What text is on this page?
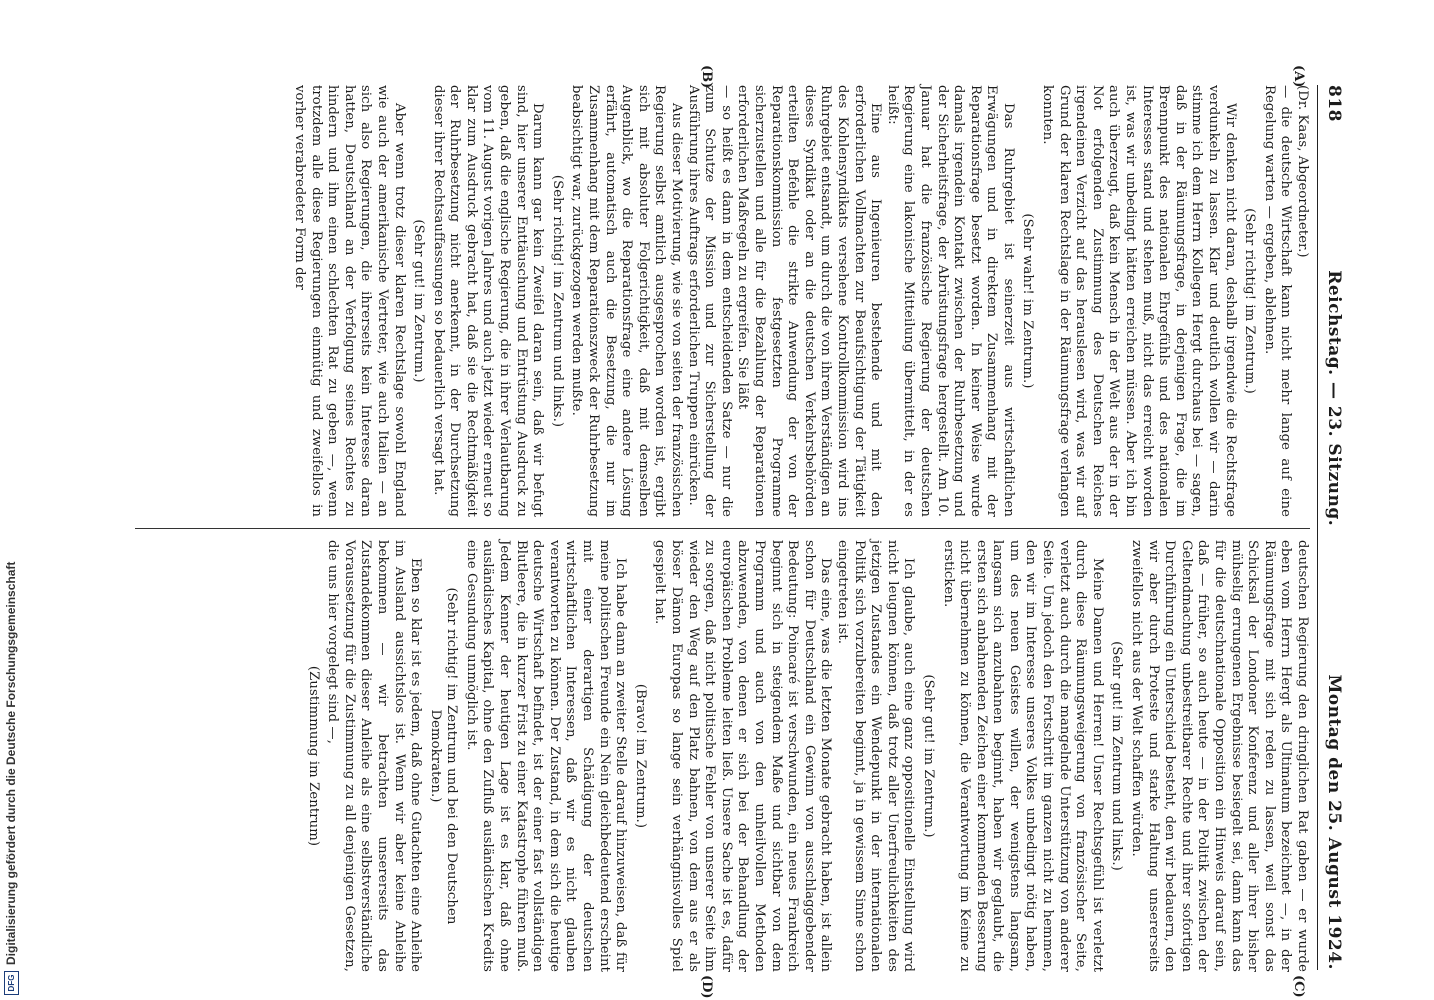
DFGDigitalisierung gefördert durch die Deutsche Forschungsgemeinschaft
818
Reichstag. — 23. Sitzung.
Montag den 25. August 1924.
(A)
(B)
(C)
(D)

(Dr. Kaas, Abgeordneter.)

— die deutsche Wirtschaft kann nicht mehr lange auf eine Regelung warten — ergeben, ablehnen.

(Sehr richtig! im Zentrum.)

Wir denken nicht daran, deshalb irgendwie die Rechtsfrage verdunkeln zu lassen. Klar und deutlich wollen wir — darin stimme ich dem Herrn Kollegen Hergt durchaus bei — sagen, daß in der Räumungsfrage, in derjenigen Frage, die im Brennpunkt des nationalen Ehrgefühls und des nationalen Interesses stand und stehen muß, nicht das erreicht worden ist, was wir unbedingt hätten erreichen müssen. Aber ich bin auch überzeugt, daß kein Mensch in der Welt aus der in der Not erfolgenden Zustimmung des Deutschen Reiches irgendeinen Verzicht auf das herauslesen wird, was wir auf Grund der klaren Rechtslage in der Räumungsfrage verlangen konnten.

(Sehr wahr! im Zentrum.)

Das Ruhrgebiet ist seinerzeit aus wirtschaftlichen Erwägungen und in direktem Zusammenhang mit der Reparationsfrage besetzt worden. In keiner Weise wurde damals irgendein Kontakt zwischen der Ruhrbesetzung und der Sicherheitsfrage, der Abrüstungsfrage hergestellt. Am 10. Januar hat die französische Regierung der deutschen Regierung eine lakonische Mitteilung übermittelt, in der es heißt:

Eine aus Ingenieuren bestehende und mit den erforderlichen Vollmachten zur Beaufsichtigung der Tätigkeit des Kohlensyndikats versehene Kontrollkommission wird ins Ruhrgebiet entsandt, um durch die von ihrem Verständigen an dieses Syndikat oder an die deutschen Verkehrsbehörden erteilten Befehle die strikte Anwendung der von der Reparationskommission festgesetzten Programme sicherzustellen und alle für die Bezahlung der Reparationen erforderlichen Maßregeln zu ergreifen. Sie läßt

— so heißt es dann in dem entscheidenden Satze — nur die zum Schutze der Mission und zur Sicherstellung der Ausführung ihres Auftrags erforderlichen Truppen einrücken.

Aus dieser Motivierung, wie sie von seiten der französischen Regierung selbst amtlich ausgesprochen worden ist, ergibt sich mit absoluter Folgerichtigkeit, daß mit demselben Augenblick, wo die Reparationsfrage eine andere Lösung erfährt, automatisch auch die Besetzung, die nur im Zusammenhang mit dem Reparationszweck der Ruhrbesetzung beabsichtigt war, zurückgezogen werden mußte.

(Sehr richtig! im Zentrum und links.)

Darum kann gar kein Zweifel daran sein, daß wir befugt sind, hier unserer Enttäuschung und Entrüstung Ausdruck zu geben, daß die englische Regierung, die in ihrer Verlautbarung vom 11. August vorigen Jahres und auch jetzt wieder erneut so klar zum Ausdruck gebracht hat, daß sie die Rechtmäßigkeit der Ruhrbesetzung nicht anerkennt, in der Durchsetzung dieser ihrer Rechtsauffassungen so bedauerlich versagt hat.

(Sehr gut! im Zentrum.)

Aber wenn trotz dieser klaren Rechtslage sowohl England wie auch der amerikanische Vertreter, wie auch Italien — an sich also Regierungen, die ihrerseits kein Interesse daran hatten, Deutschland an der Verfolgung seines Rechtes zu hindern und ihm einen schlechten Rat zu geben —, wenn trotzdem alle diese Regierungen einmütig und zweifellos in vorher verabredeter Form der

deutschen Regierung den dringlichen Rat gaben — er wurde eben vom Herrn Hergt als Ultimatum bezeichnet —, in der Räumungsfrage mit sich reden zu lassen, weil sonst das Schicksal der Londoner Konferenz und aller ihrer bisher mühselig errungenen Ergebnisse besiegelt sei, dann kann das für die deutschnationale Opposition ein Hinweis darauf sein, daß — früher, so auch heute — in der Politik zwischen der Geltendmachung unbestreitbarer Rechte und ihrer sofortigen Durchführung ein Unterschied besteht, den wir bedauern, den wir aber durch Proteste und starke Haltung unsererseits zweifellos nicht aus der Welt schaffen würden.

(Sehr gut! im Zentrum und links.)

Meine Damen und Herren! Unser Rechtsgefühl ist verletzt durch diese Räumungsweigerung von französischer Seite, verletzt auch durch die mangelnde Unterstützung von anderer Seite. Um jedoch den Fortschritt im ganzen nicht zu hemmen, den wir im Interesse unseres Volkes unbedingt nötig haben, um des neuen Geistes willen, der wenigstens langsam, langsam sich anzubahnen beginnt, haben wir geglaubt, die ersten sich anbahnenden Zeichen einer kommenden Besserung nicht übernehmen zu können, die Verantwortung im Keime zu ersticken.

(Sehr gut! im Zentrum.)

Ich glaube, auch eine ganz oppositionelle Einstellung wird nicht leugnen können, daß trotz aller Unerfreulichkeiten des jetzigen Zustandes ein Wendepunkt in der internationalen Politik sich vorzubereiten beginnt, ja in gewissem Sinne schon eingetreten ist.

Das eine, was die letzten Monate gebracht haben, ist allein schon für Deutschland ein Gewinn von ausschlaggebender Bedeutung: Poincaré ist verschwunden, ein neues Frankreich beginnt sich in steigendem Maße und sichtbar von dem Programm und auch von den unheilvollen Methoden abzuwenden, von denen er sich bei der Behandlung der europäischen Probleme leiten ließ. Unsere Sache ist es, dafür zu sorgen, daß nicht politische Fehler von unserer Seite ihm wieder den Weg auf den Platz bahnen, von dem aus er als böser Dämon Europas so lange sein verhängnisvolles Spiel gespielt hat.

(Bravo! im Zentrum.)

Ich habe dann an zweiter Stelle darauf hinzuweisen, daß für meine politischen Freunde ein Nein gleichbedeutend erscheint mit einer derartigen Schädigung der deutschen wirtschaftlichen Interessen, daß wir es nicht glauben verantworten zu können. Der Zustand, in dem sich die heutige deutsche Wirtschaft befindet, ist der einer fast vollständigen Blutleere, die in kurzer Frist zu einer Katastrophe führen muß. Jedem Kenner der heutigen Lage ist es klar, daß ohne ausländisches Kapital, ohne den Zufluß ausländischen Kredits eine Gesundung unmöglich ist.

(Sehr richtig! im Zentrum und bei den Deutschen Demokraten.)

Eben so klar ist es jedem, daß ohne Gutachten eine Anleihe im Ausland aussichtslos ist. Wenn wir aber keine Anleihe bekommen — wir betrachten unsererseits das Zustandekommen dieser Anleihe als eine selbstverständliche Voraussetzung für die Zustimmung zu all denjenigen Gesetzen, die uns hier vorgelegt sind —,

(Zustimmung im Zentrum)
